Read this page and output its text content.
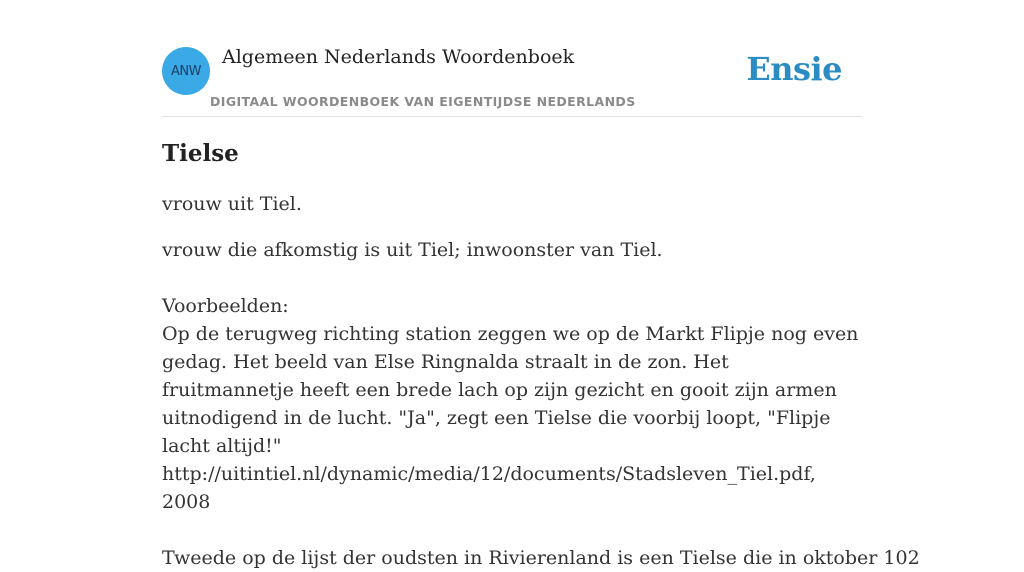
ANW
Algemeen Nederlands Woordenboek
DIGITAAL WOORDENBOEK VAN EIGENTIJDSE NEDERLANDS
Ensie
Tielse

vrouw uit Tiel.

vrouw die afkomstig is uit Tiel; inwoonster van Tiel.

Voorbeelden:

Op de terugweg richting station zeggen we op de Markt Flipje nog even gedag. Het beeld van Else Ringnalda straalt in de zon. Het fruitmannetje heeft een brede lach op zijn gezicht en gooit zijn armen uitnodigend in de lucht. "Ja", zegt een Tielse die voorbij loopt, "Flipje lacht altijd!"

http://uitintiel.nl/dynamic/media/12/documents/Stadsleven_Tiel.pdf, 2008

Tweede op de lijst der oudsten in Rivierenland is een Tielse die in oktober 102
